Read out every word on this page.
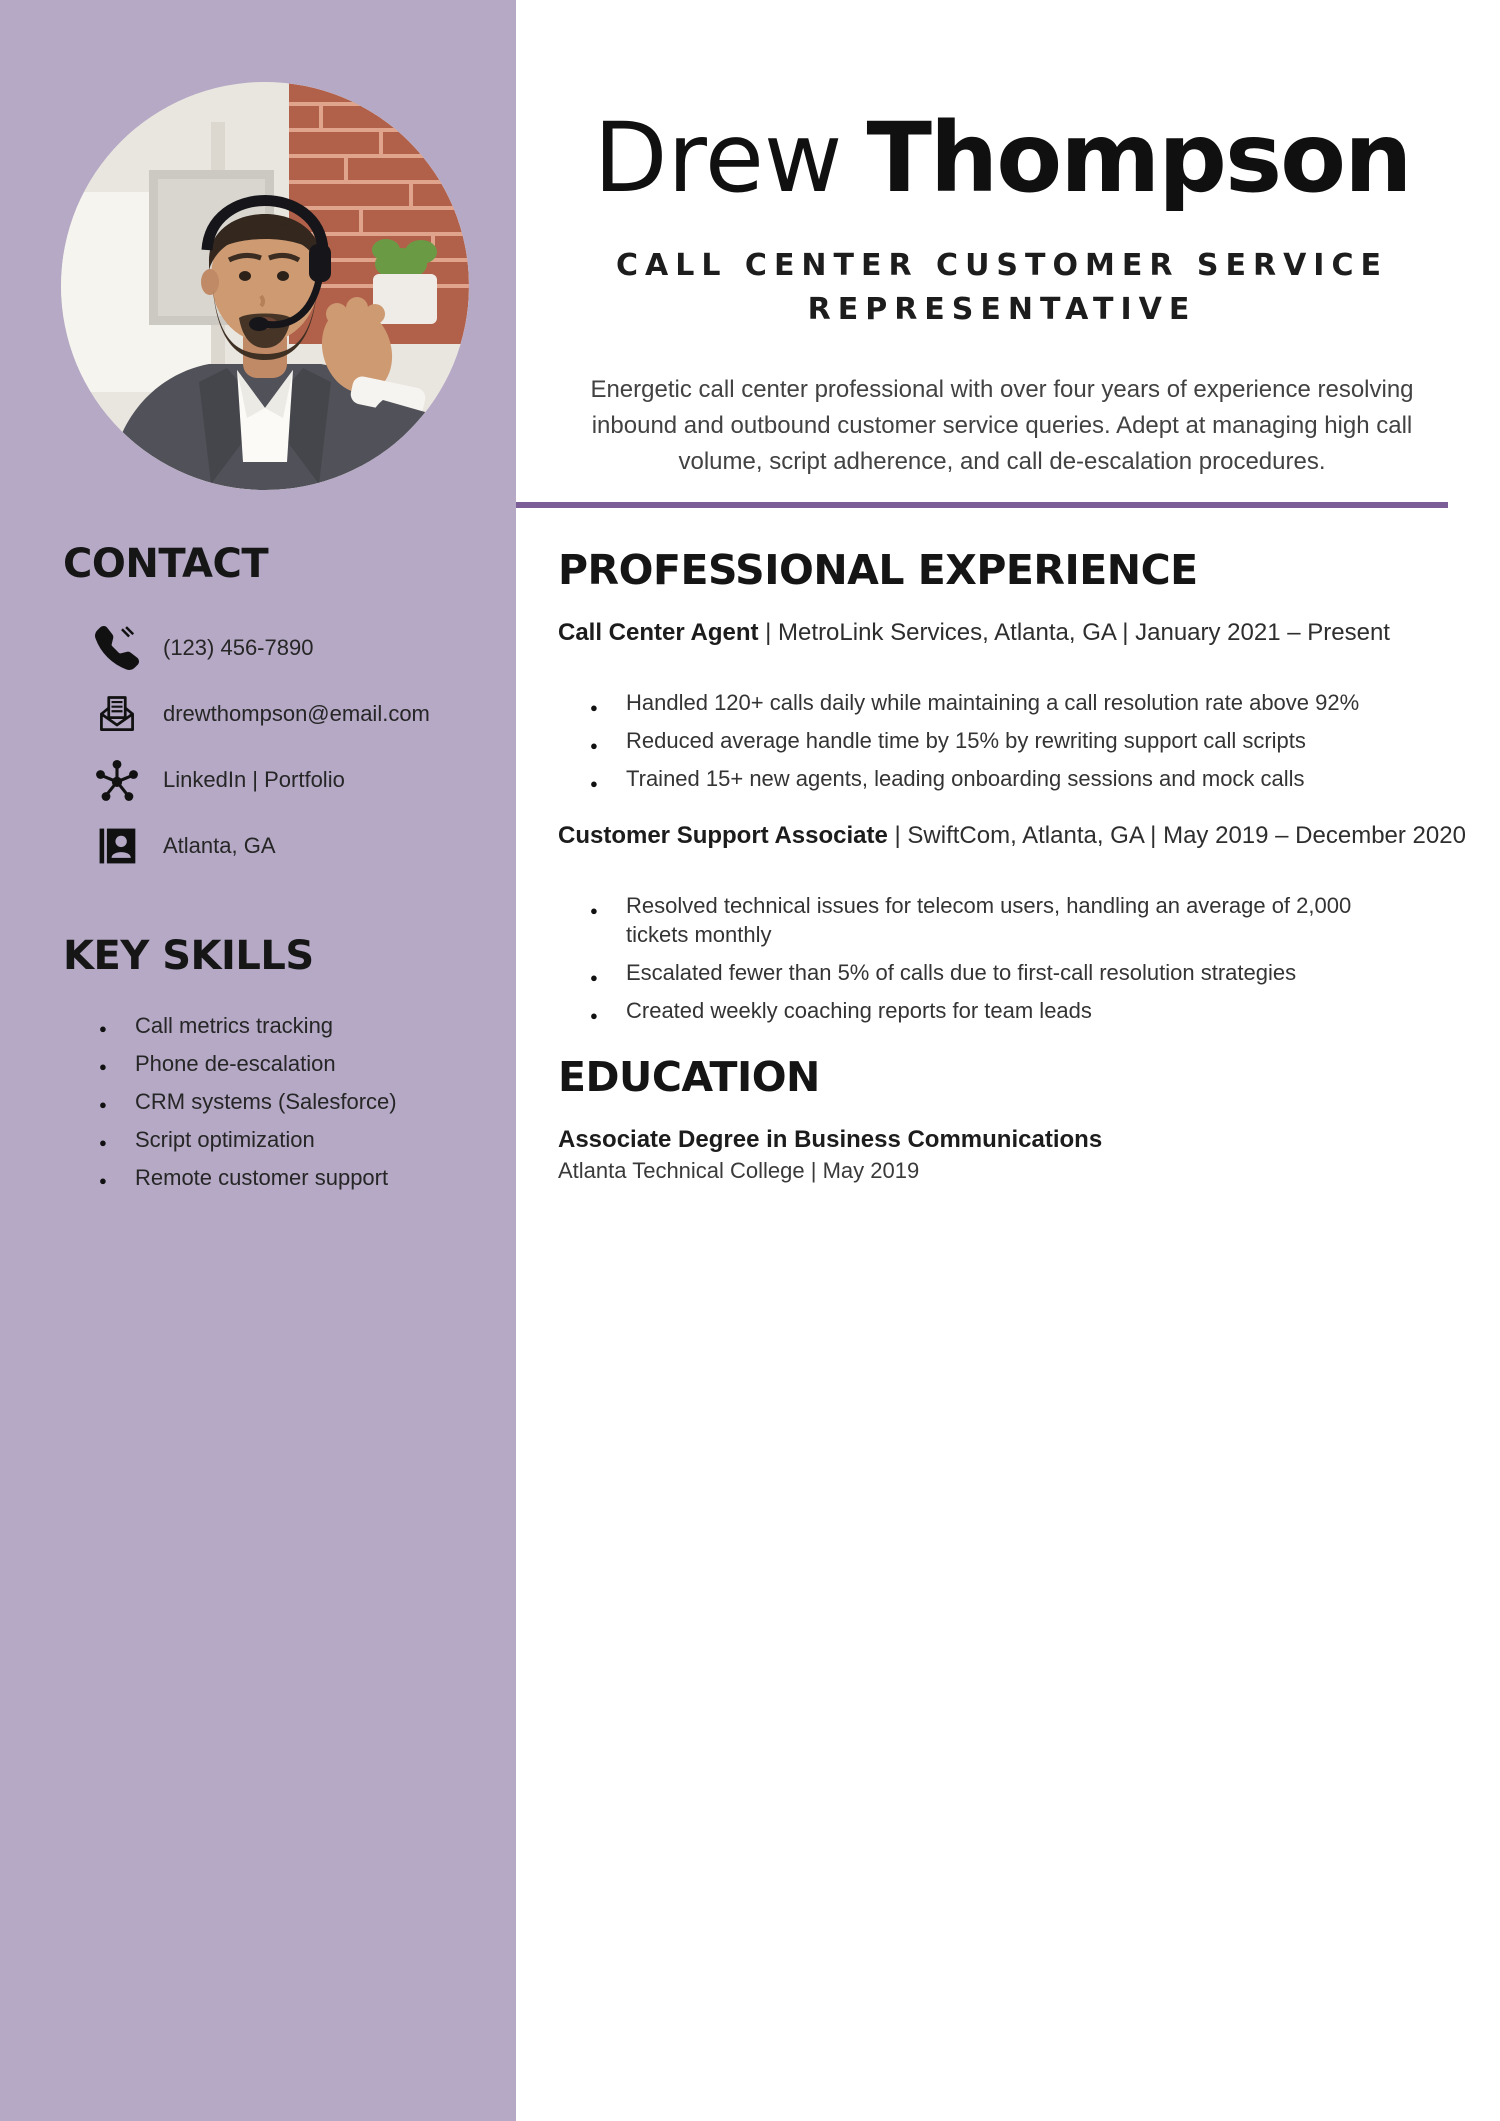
CONTACT
(123) 456-7890
drewthompson@email.com
LinkedIn | Portfolio
Atlanta, GA
KEY SKILLS
● Call metrics tracking
● Phone de-escalation
● CRM systems (Salesforce)
● Script optimization
● Remote customer support
Drew Thompson
CALL CENTER CUSTOMER SERVICE
REPRESENTATIVE

Energetic call center professional with over four years of experience resolving inbound and outbound customer service queries. Adept at managing high call volume, script adherence, and call de-escalation procedures.

PROFESSIONAL EXPERIENCE

Call Center Agent | MetroLink Services, Atlanta, GA | January 2021 – Present

● Handled 120+ calls daily while maintaining a call resolution rate above 92%
● Reduced average handle time by 15% by rewriting support call scripts
● Trained 15+ new agents, leading onboarding sessions and mock calls

Customer Support Associate | SwiftCom, Atlanta, GA | May 2019 – December 2020

● Resolved technical issues for telecom users, handling an average of 2,000 tickets monthly
● Escalated fewer than 5% of calls due to first-call resolution strategies
● Created weekly coaching reports for team leads
EDUCATION

Associate Degree in Business Communications

Atlanta Technical College | May 2019
